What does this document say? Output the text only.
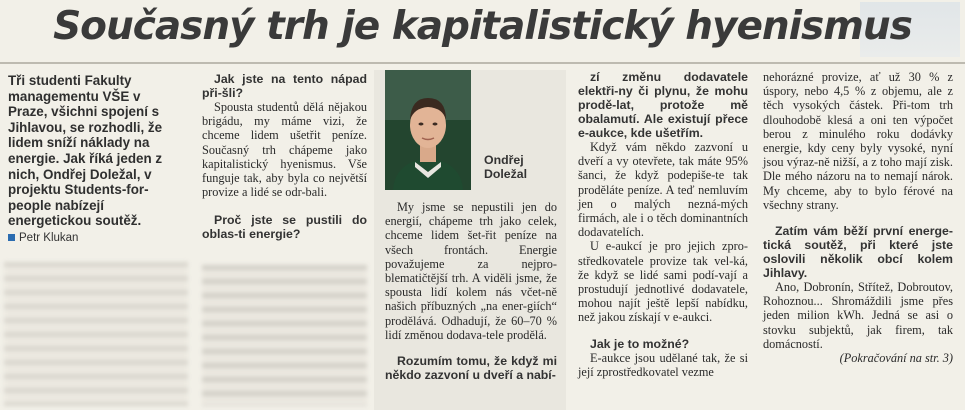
Současný trh je kapitalistický hyenismus
Tři studenti Fakulty managementu VŠE v Praze, všichni spojení s Jihlavou, se rozhodli, že lidem sníží náklady na energie. Jak říká jeden z nich, Ondřej Doležal, v projektu Students-for-people nabízejí energetickou soutěž.
Petr Klukan

Jak jste na tento nápad při-šli?

Spousta studentů dělá nějakou brigádu, my máme vizi, že chceme lidem ušetřit peníze. Současný trh chápeme jako kapitalistický hyenismus. Vše funguje tak, aby byla co největší provize a lidé se odr-bali.

Proč jste se pustili do oblas-ti energie?

Ondřej
Doležal

My jsme se nepustili jen do energií, chápeme trh jako celek, chceme lidem šet-řit peníze na všech frontách. Energie považujeme za nejpro-blematičtější trh. A viděli jsme, že spousta lidí kolem nás včet-ně našich příbuzných „na ener-giích“ prodělává. Odhadují, že 60–70 % lidí změnou dodava-tele prodělá.

Rozumím tomu, že když mi někdo zazvoní u dveří a nabí-

zí změnu dodavatele elektři-ny či plynu, že mohu prodě-lat, protože mě obalamutí. Ale existují přece e-aukce, kde ušetřím.

Když vám někdo zazvoní u dveří a vy otevřete, tak máte 95% šanci, že když podepiše-te tak proděláte peníze. A teď nemluvím jen o malých nezná-mých firmách, ale i o těch dominantních dodavatelích.

U e-aukcí je pro jejich zpro-středkovatele provize tak vel-ká, že když se lidé sami podí-vají a prostudují jednotlivé dodavatele, mohou najít ještě lepší nabídku, než jakou získají v e-aukci.

Jak je to možné?

E-aukce jsou udělané tak, že si její zprostředkovatel vezme

nehorázné provize, ať už 30 % z úspory, nebo 4,5 % z objemu, ale z těch vysokých částek. Při-tom trh dlouhodobě klesá a oni ten výpočet berou z minulého roku dodávky energie, kdy ceny byly vysoké, nyní jsou výraz-ně nižší, a z toho mají zisk. Dle mého názoru na to nemají nárok. My chceme, aby to bylo férové na všechny strany.

Zatím vám běží první energe-tická soutěž, při které jste oslovili několik obcí kolem Jihlavy.

Ano, Dobronín, Střítež, Dobroutov, Rohoznou... Shromáždili jsme přes jeden milion kWh. Jedná se asi o stovku subjektů, jak firem, tak domácností.

(Pokračování na str. 3)
